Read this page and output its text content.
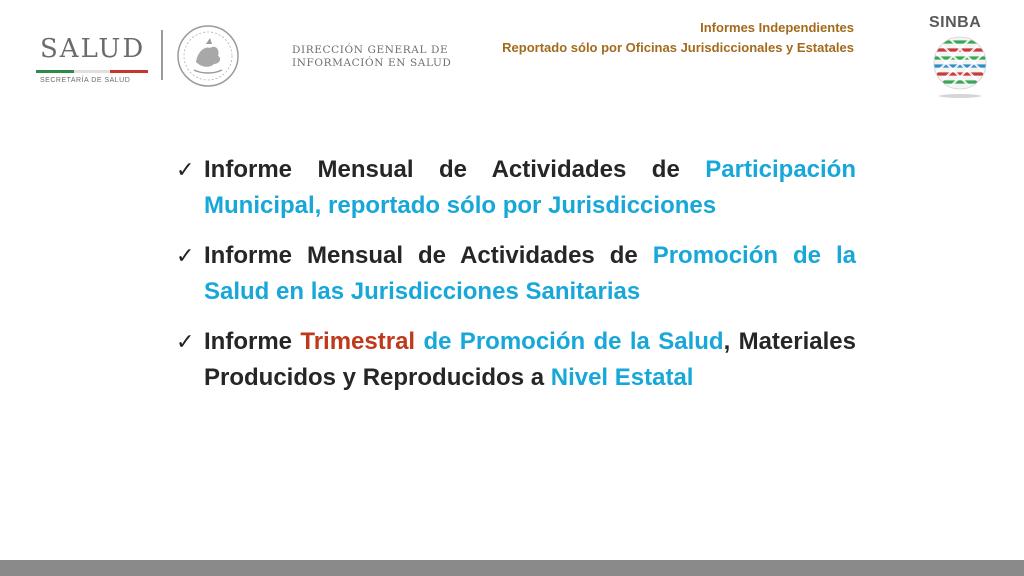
SALUD
SECRETARÍA DE SALUD
DIRECCIÓN GENERAL DE
INFORMACIÓN EN SALUD
Informes Independientes
Reportado sólo por Oficinas Jurisdiccionales y Estatales
SINBA
✓ Informe Mensual de Actividades de Participación Municipal, reportado sólo por Jurisdicciones
✓ Informe Mensual de Actividades de Promoción de la Salud en las Jurisdicciones Sanitarias
✓ Informe Trimestral de Promoción de la Salud, Materiales Producidos y Reproducidos a Nivel Estatal
